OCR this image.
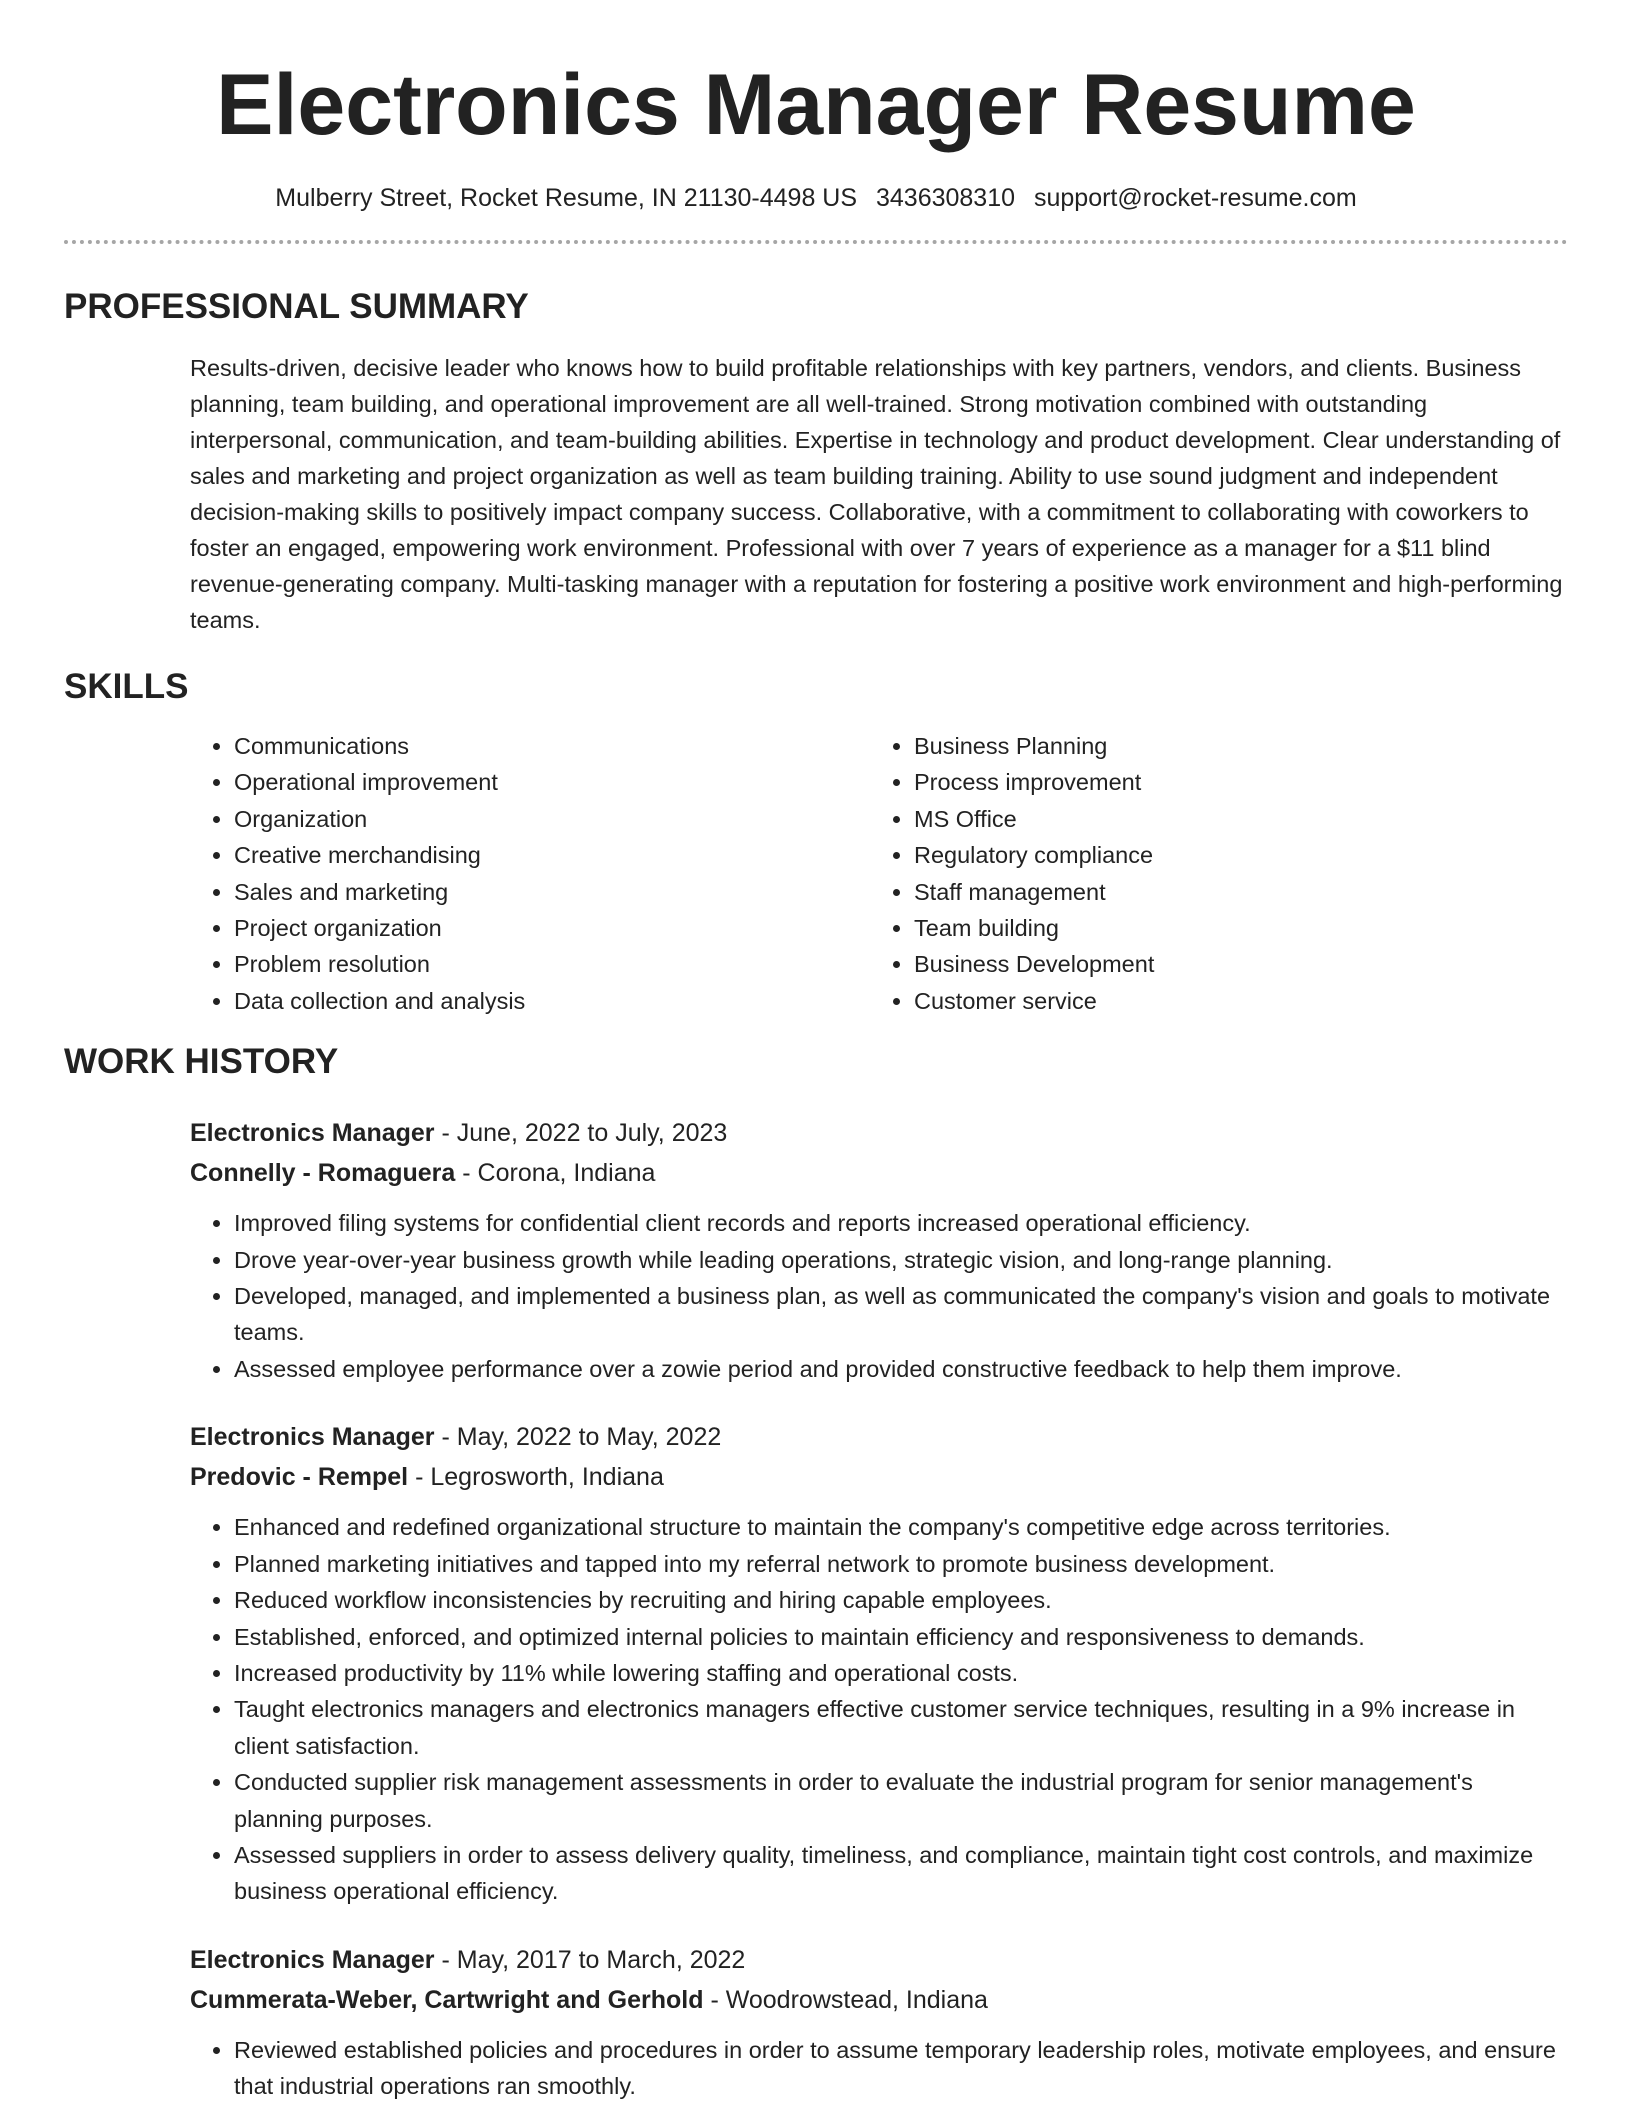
Electronics Manager Resume
Mulberry Street, Rocket Resume, IN 21130-4498 US 3436308310 support@rocket-resume.com
PROFESSIONAL SUMMARY

Results-driven, decisive leader who knows how to build profitable relationships with key partners, vendors, and clients. Business planning, team building, and operational improvement are all well-trained. Strong motivation combined with outstanding interpersonal, communication, and team-building abilities. Expertise in technology and product development. Clear understanding of sales and marketing and project organization as well as team building training. Ability to use sound judgment and independent decision-making skills to positively impact company success. Collaborative, with a commitment to collaborating with coworkers to foster an engaged, empowering work environment. Professional with over 7 years of experience as a manager for a $11 blind revenue-generating company. Multi-tasking manager with a reputation for fostering a positive work environment and high-performing teams.

SKILLS
• Communications
• Operational improvement
• Organization
• Creative merchandising
• Sales and marketing
• Project organization
• Problem resolution
• Data collection and analysis
• Business Planning
• Process improvement
• MS Office
• Regulatory compliance
• Staff management
• Team building
• Business Development
• Customer service
WORK HISTORY
Electronics Manager - June, 2022 to July, 2023
Connelly - Romaguera - Corona, Indiana
• Improved filing systems for confidential client records and reports increased operational efficiency.
• Drove year-over-year business growth while leading operations, strategic vision, and long-range planning.
• Developed, managed, and implemented a business plan, as well as communicated the company's vision and goals to motivate teams.
• Assessed employee performance over a zowie period and provided constructive feedback to help them improve.
Electronics Manager - May, 2022 to May, 2022
Predovic - Rempel - Legrosworth, Indiana
• Enhanced and redefined organizational structure to maintain the company's competitive edge across territories.
• Planned marketing initiatives and tapped into my referral network to promote business development.
• Reduced workflow inconsistencies by recruiting and hiring capable employees.
• Established, enforced, and optimized internal policies to maintain efficiency and responsiveness to demands.
• Increased productivity by 11% while lowering staffing and operational costs.
• Taught electronics managers and electronics managers effective customer service techniques, resulting in a 9% increase in client satisfaction.
• Conducted supplier risk management assessments in order to evaluate the industrial program for senior management's planning purposes.
• Assessed suppliers in order to assess delivery quality, timeliness, and compliance, maintain tight cost controls, and maximize business operational efficiency.
Electronics Manager - May, 2017 to March, 2022
Cummerata-Weber, Cartwright and Gerhold - Woodrowstead, Indiana
• Reviewed established policies and procedures in order to assume temporary leadership roles, motivate employees, and ensure that industrial operations ran smoothly.
